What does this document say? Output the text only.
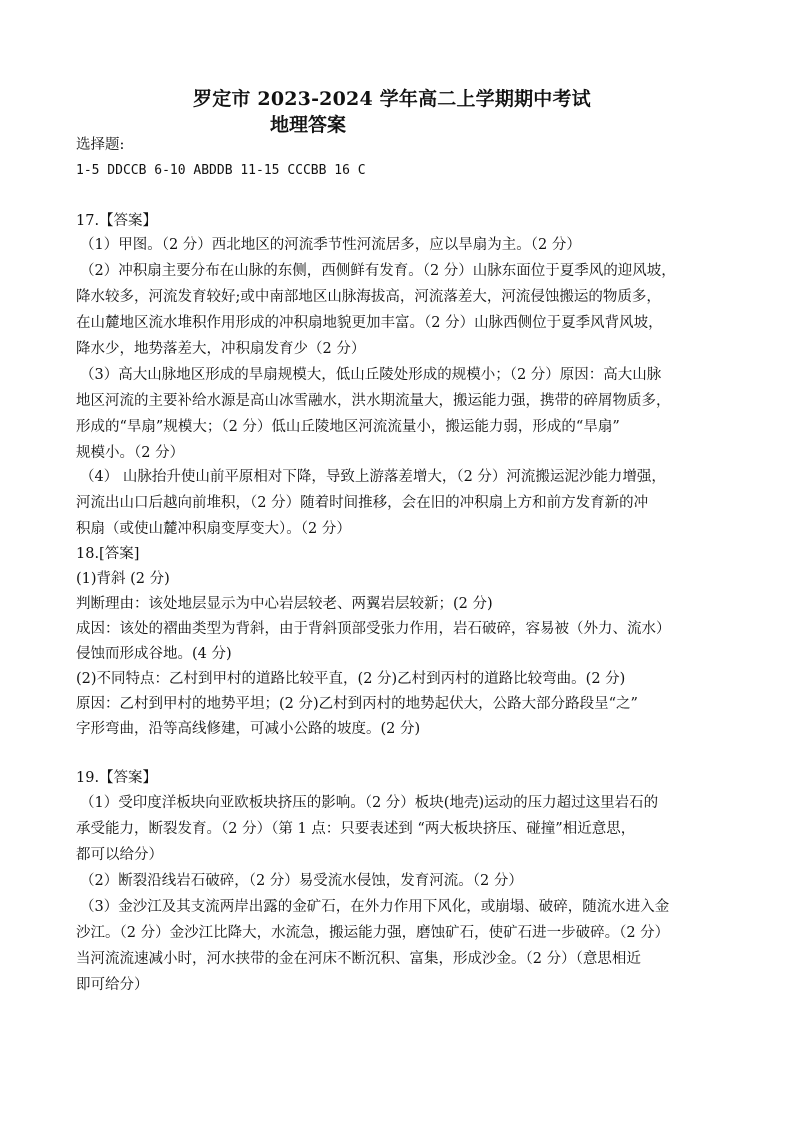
罗定市 2023-2024 学年高二上学期期中考试
地理答案
选择题:
1-5 DDCCB 6-10 ABDDB 11-15 CCCBB 16 C
17.【答案】
（1）甲图。（2 分）西北地区的河流季节性河流居多，应以旱扇为主。（2 分）
（2）冲积扇主要分布在山脉的东侧，西侧鲜有发育。（2 分）山脉东面位于夏季风的迎风坡，
降水较多，河流发育较好;或中南部地区山脉海拔高，河流落差大，河流侵蚀搬运的物质多，
在山麓地区流水堆积作用形成的冲积扇地貌更加丰富。（2 分）山脉西侧位于夏季风背风坡，
降水少，地势落差大，冲积扇发育少（2 分）
（3）高大山脉地区形成的旱扇规模大，低山丘陵处形成的规模小；（2 分）原因：高大山脉
地区河流的主要补给水源是高山冰雪融水，洪水期流量大，搬运能力强，携带的碎屑物质多，
形成的“旱扇”规模大；（2 分）低山丘陵地区河流流量小，搬运能力弱，形成的“旱扇”
规模小。（2 分）
（4） 山脉抬升使山前平原相对下降，导致上游落差增大，（2 分）河流搬运泥沙能力增强，
河流出山口后越向前堆积，（2 分）随着时间推移，会在旧的冲积扇上方和前方发育新的冲
积扇（或使山麓冲积扇变厚变大）。（2 分）
18.[答案]
(1)背斜 (2 分)
判断理由：该处地层显示为中心岩层较老、两翼岩层较新；(2 分)
成因：该处的褶曲类型为背斜，由于背斜顶部受张力作用，岩石破碎，容易被（外力、流水）
侵蚀而形成谷地。(4 分)
(2)不同特点：乙村到甲村的道路比较平直，(2 分)乙村到丙村的道路比较弯曲。(2 分)
原因：乙村到甲村的地势平坦；(2 分)乙村到丙村的地势起伏大，公路大部分路段呈“之”
字形弯曲，沿等高线修建，可减小公路的坡度。(2 分)
19.【答案】
（1）受印度洋板块向亚欧板块挤压的影响。（2 分）板块(地壳)运动的压力超过这里岩石的
承受能力，断裂发育。（2 分）（第 1 点：只要表述到 “两大板块挤压、碰撞”相近意思，
都可以给分）
（2）断裂沿线岩石破碎，（2 分）易受流水侵蚀，发育河流。（2 分）
（3）金沙江及其支流两岸出露的金矿石，在外力作用下风化，或崩塌、破碎，随流水进入金
沙江。（2 分）金沙江比降大，水流急，搬运能力强，磨蚀矿石，使矿石进一步破碎。（2 分）
当河流流速减小时，河水挟带的金在河床不断沉积、富集，形成沙金。（2 分）（意思相近
即可给分）
